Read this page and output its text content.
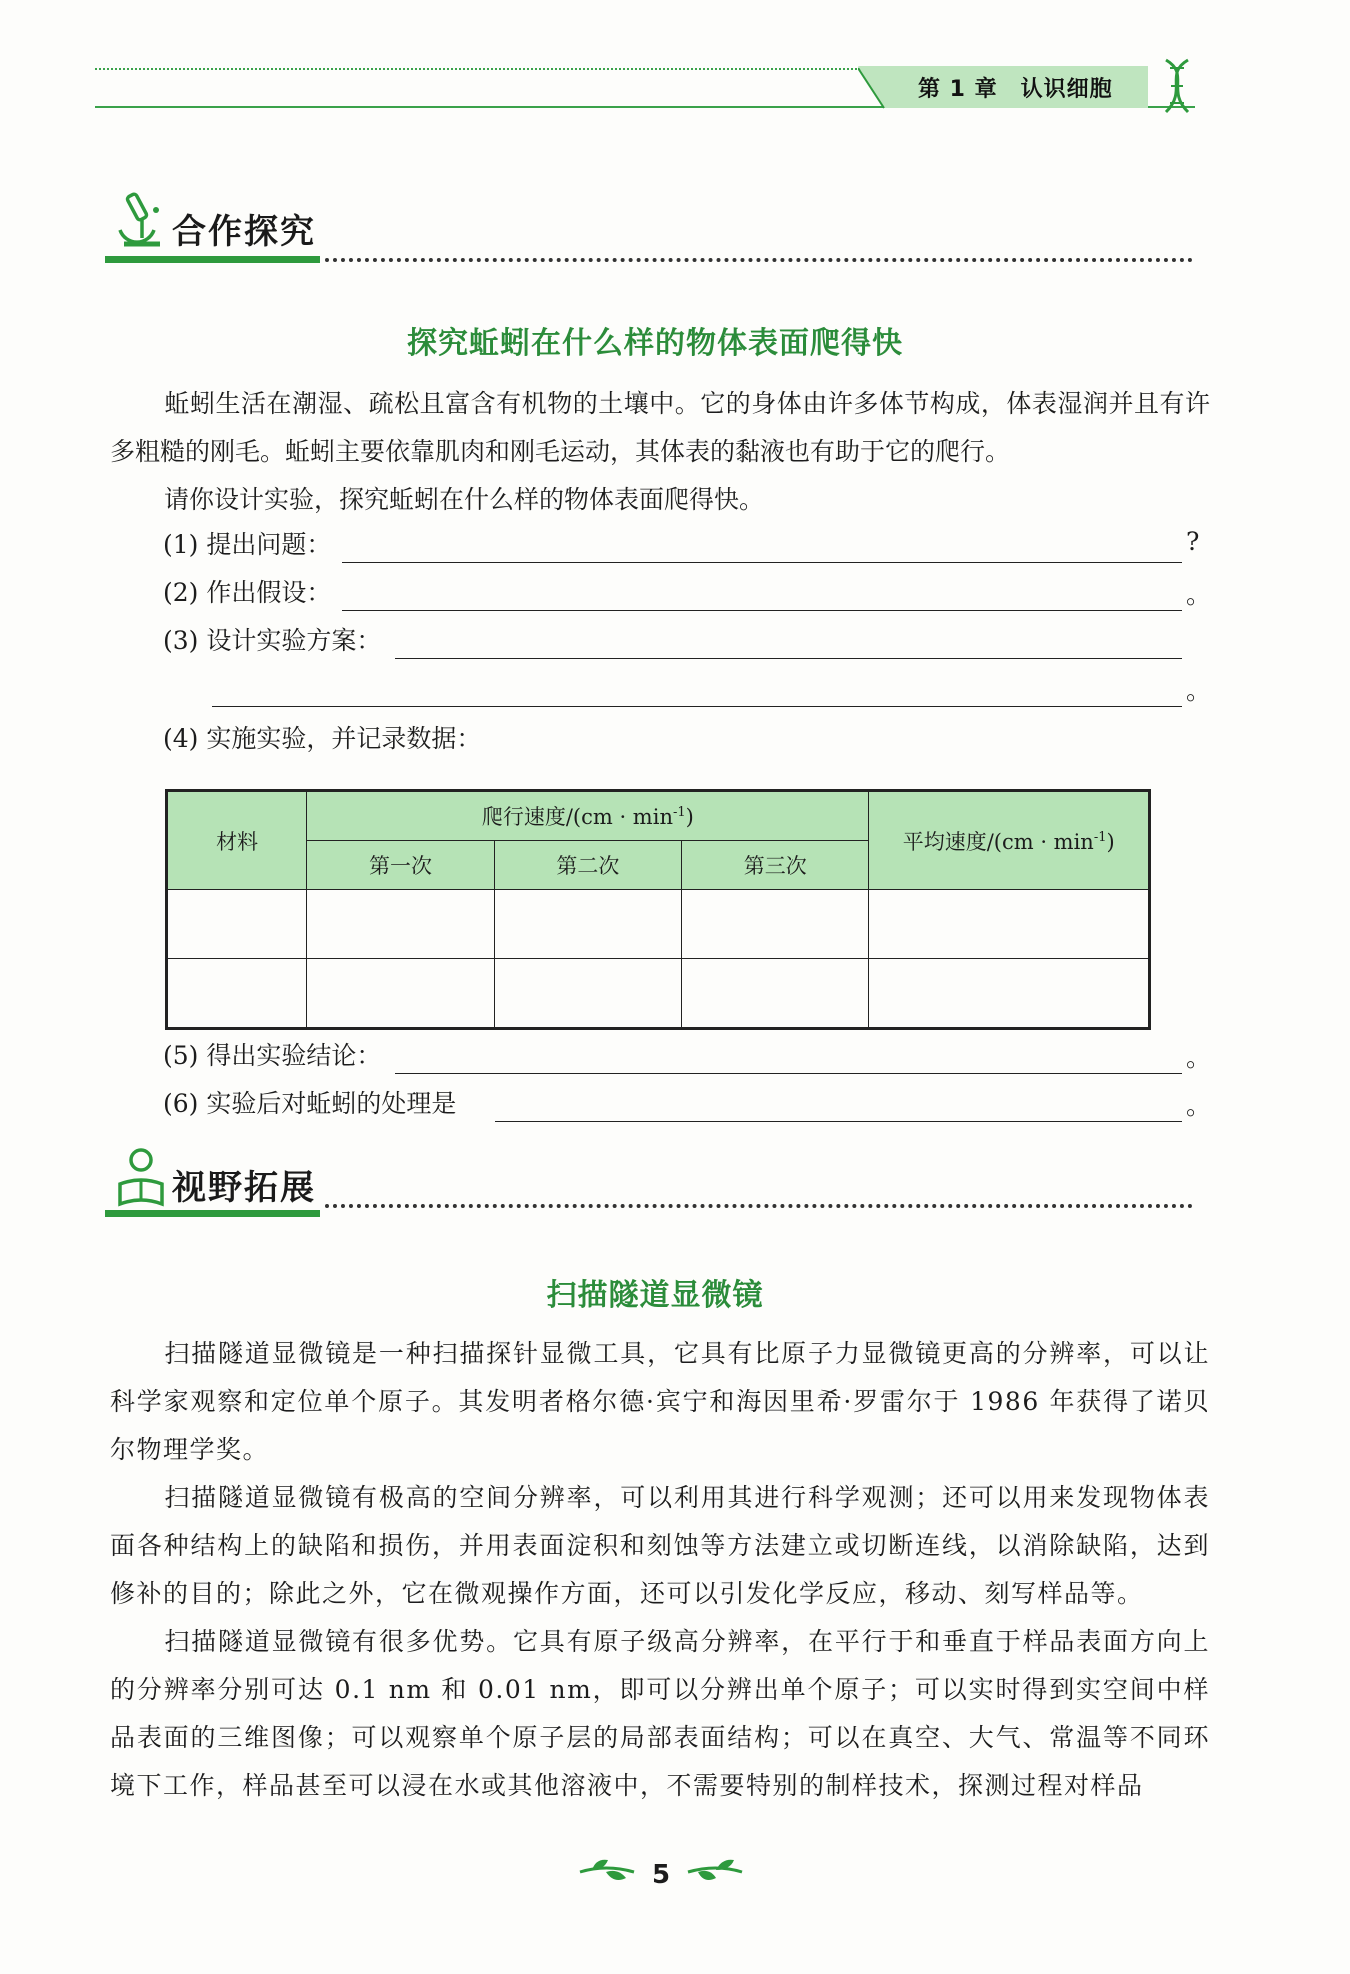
第 1 章　认识细胞
合作探究
探究蚯蚓在什么样的物体表面爬得快
蚯蚓生活在潮湿、疏松且富含有机物的土壤中。它的身体由许多体节构成，体表湿润并且有许多粗糙的刚毛。蚯蚓主要依靠肌肉和刚毛运动，其体表的黏液也有助于它的爬行。
请你设计实验，探究蚯蚓在什么样的物体表面爬得快。
(1) 提出问题：	?
(2) 作出假设：	。
(3) 设计实验方案：
。
(4) 实施实验，并记录数据：
材料	爬行速度$/(cm \cdot \min^{-1})$			平均速度$/(cm \cdot \min^{-1})$
	第一次	第二次	第三次	

(5) 得出实验结论：	。
(6) 实验后对蚯蚓的处理是	。
视野拓展
扫描隧道显微镜
扫描隧道显微镜是一种扫描探针显微工具，它具有比原子力显微镜更高的分辨率，可以让科学家观察和定位单个原子。其发明者格尔德·宾宁和海因里希·罗雷尔于 1986 年获得了诺贝尔物理学奖。
扫描隧道显微镜有极高的空间分辨率，可以利用其进行科学观测；还可以用来发现物体表面各种结构上的缺陷和损伤，并用表面淀积和刻蚀等方法建立或切断连线，以消除缺陷，达到修补的目的；除此之外，它在微观操作方面，还可以引发化学反应，移动、刻写样品等。
扫描隧道显微镜有很多优势。它具有原子级高分辨率，在平行于和垂直于样品表面方向上的分辨率分别可达 0.1 nm 和 0.01 nm，即可以分辨出单个原子；可以实时得到实空间中样品表面的三维图像；可以观察单个原子层的局部表面结构；可以在真空、大气、常温等不同环境下工作，样品甚至可以浸在水或其他溶液中，不需要特别的制样技术，探测过程对样品
5
